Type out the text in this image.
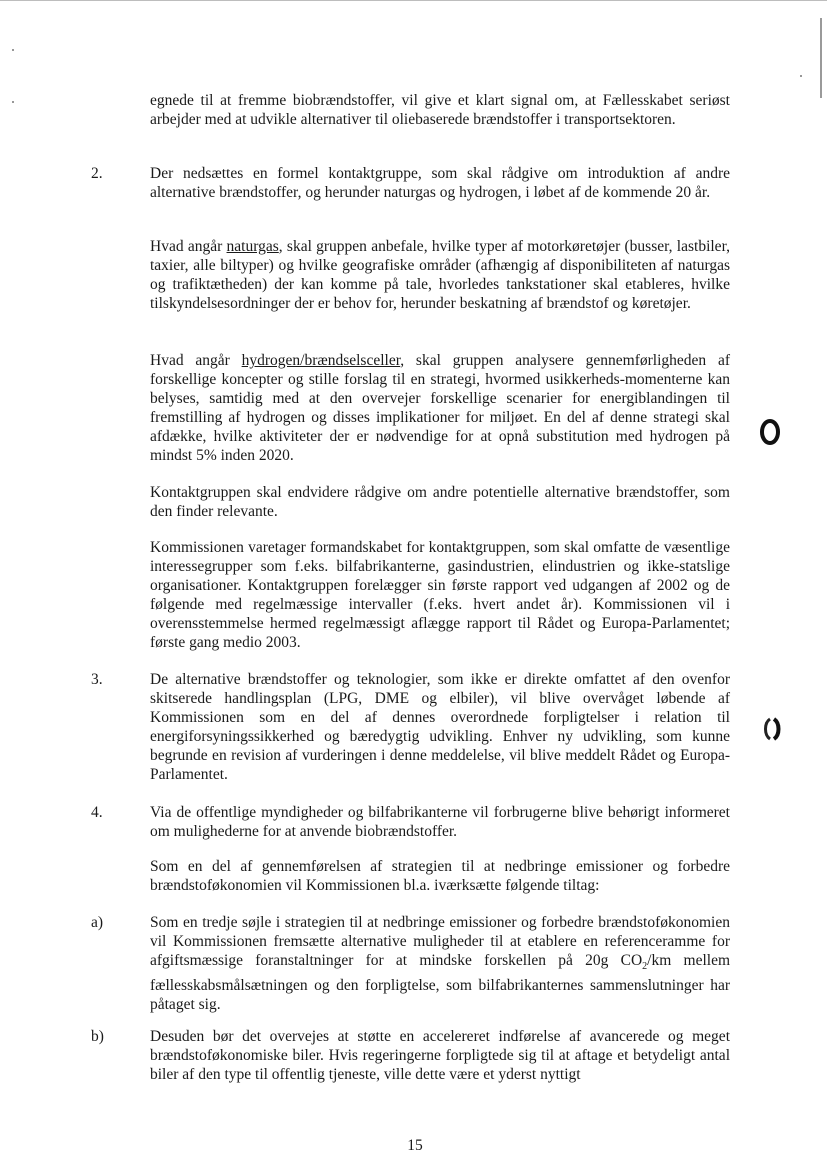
egnede til at fremme biobrændstoffer, vil give et klart signal om, at Fællesskabet seriøst arbejder med at udvikle alternativer til oliebaserede brændstoffer i transportsektoren.

2.	Der nedsættes en formel kontaktgruppe, som skal rådgive om introduktion af andre alternative brændstoffer, og herunder naturgas og hydrogen, i løbet af de kommende 20 år.

Hvad angår naturgas, skal gruppen anbefale, hvilke typer af motorkøretøjer (busser, lastbiler, taxier, alle biltyper) og hvilke geografiske områder (afhængig af disponibiliteten af naturgas og trafiktætheden) der kan komme på tale, hvorledes tankstationer skal etableres, hvilke tilskyndelsesordninger der er behov for, herunder beskatning af brændstof og køretøjer.

Hvad angår hydrogen/brændselsceller, skal gruppen analysere gennemførligheden af forskellige koncepter og stille forslag til en strategi, hvormed usikkerheds-momenterne kan belyses, samtidig med at den overvejer forskellige scenarier for energiblandingen til fremstilling af hydrogen og disses implikationer for miljøet. En del af denne strategi skal afdække, hvilke aktiviteter der er nødvendige for at opnå substitution med hydrogen på mindst 5% inden 2020.

Kontaktgruppen skal endvidere rådgive om andre potentielle alternative brændstoffer, som den finder relevante.

Kommissionen varetager formandskabet for kontaktgruppen, som skal omfatte de væsentlige interessegrupper som f.eks. bilfabrikanterne, gasindustrien, elindustrien og ikke-statslige organisationer. Kontaktgruppen forelægger sin første rapport ved udgangen af 2002 og de følgende med regelmæssige intervaller (f.eks. hvert andet år). Kommissionen vil i overensstemmelse hermed regelmæssigt aflægge rapport til Rådet og Europa-Parlamentet; første gang medio 2003.

3.	De alternative brændstoffer og teknologier, som ikke er direkte omfattet af den ovenfor skitserede handlingsplan (LPG, DME og elbiler), vil blive overvåget løbende af Kommissionen som en del af dennes overordnede forpligtelser i relation til energiforsyningssikkerhed og bæredygtig udvikling. Enhver ny udvikling, som kunne begrunde en revision af vurderingen i denne meddelelse, vil blive meddelt Rådet og Europa-Parlamentet.

4.	Via de offentlige myndigheder og bilfabrikanterne vil forbrugerne blive behørigt informeret om mulighederne for at anvende biobrændstoffer.

Som en del af gennemførelsen af strategien til at nedbringe emissioner og forbedre brændstoføkonomien vil Kommissionen bl.a. iværksætte følgende tiltag:

a)	Som en tredje søjle i strategien til at nedbringe emissioner og forbedre brændstoføkonomien vil Kommissionen fremsætte alternative muligheder til at etablere en referenceramme for afgiftsmæssige foranstaltninger for at mindske forskellen på 20g $CO_2/km$ mellem fællesskabsmålsætningen og den forpligtelse, som bilfabrikanternes sammenslutninger har påtaget sig.

b)	Desuden bør det overvejes at støtte en accelereret indførelse af avancerede og meget brændstoføkonomiske biler. Hvis regeringerne forpligtede sig til at aftage et betydeligt antal biler af den type til offentlig tjeneste, ville dette være et yderst nyttigt

15
